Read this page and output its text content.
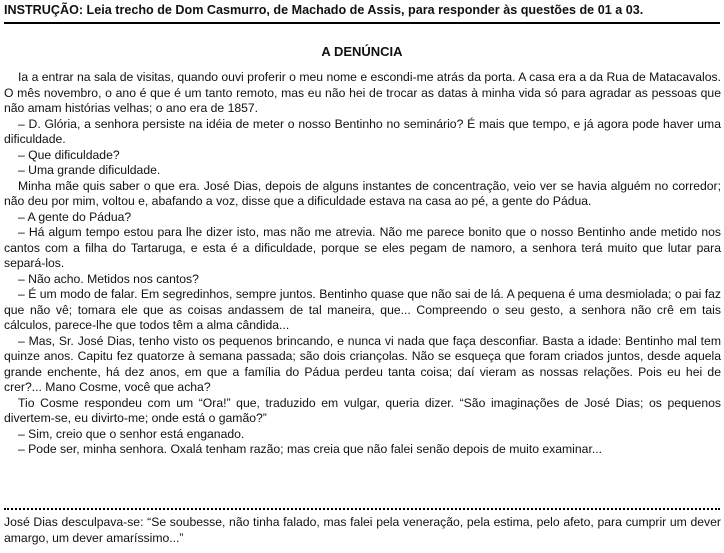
INSTRUÇÃO: Leia trecho de Dom Casmurro, de Machado de Assis, para responder às questões de 01 a 03.
A DENÚNCIA

Ia a entrar na sala de visitas, quando ouvi proferir o meu nome e escondi-me atrás da porta. A casa era a da Rua de Matacavalos. O mês novembro, o ano é que é um tanto remoto, mas eu não hei de trocar as datas à minha vida só para agradar as pessoas que não amam histórias velhas; o ano era de 1857.

– D. Glória, a senhora persiste na idéia de meter o nosso Bentinho no seminário? É mais que tempo, e já agora pode haver uma dificuldade.

– Que dificuldade?

– Uma grande dificuldade.

Minha mãe quis saber o que era. José Dias, depois de alguns instantes de concentração, veio ver se havia alguém no corredor; não deu por mim, voltou e, abafando a voz, disse que a dificuldade estava na casa ao pé, a gente do Pádua.

– A gente do Pádua?

– Há algum tempo estou para lhe dizer isto, mas não me atrevia. Não me parece bonito que o nosso Bentinho ande metido nos cantos com a filha do Tartaruga, e esta é a dificuldade, porque se eles pegam de namoro, a senhora terá muito que lutar para separá-los.

– Não acho. Metidos nos cantos?

– É um modo de falar. Em segredinhos, sempre juntos. Bentinho quase que não sai de lá. A pequena é uma desmiolada; o pai faz que não vê; tomara ele que as coisas andassem de tal maneira, que... Compreendo o seu gesto, a senhora não crê em tais cálculos, parece-lhe que todos têm a alma cândida...

– Mas, Sr. José Dias, tenho visto os pequenos brincando, e nunca vi nada que faça desconfiar. Basta a idade: Bentinho mal tem quinze anos. Capitu fez quatorze à semana passada; são dois criançolas. Não se esqueça que foram criados juntos, desde aquela grande enchente, há dez anos, em que a família do Pádua perdeu tanta coisa; daí vieram as nossas relações. Pois eu hei de crer?... Mano Cosme, você que acha?

Tio Cosme respondeu com um “Ora!” que, traduzido em vulgar, queria dizer. “São imaginações de José Dias; os pequenos divertem-se, eu divirto-me; onde está o gamão?”

– Sim, creio que o senhor está enganado.

– Pode ser, minha senhora. Oxalá tenham razão; mas creia que não falei senão depois de muito examinar...

José Dias desculpava-se: “Se soubesse, não tinha falado, mas falei pela veneração, pela estima, pelo afeto, para cumprir um dever amargo, um dever amaríssimo...”
